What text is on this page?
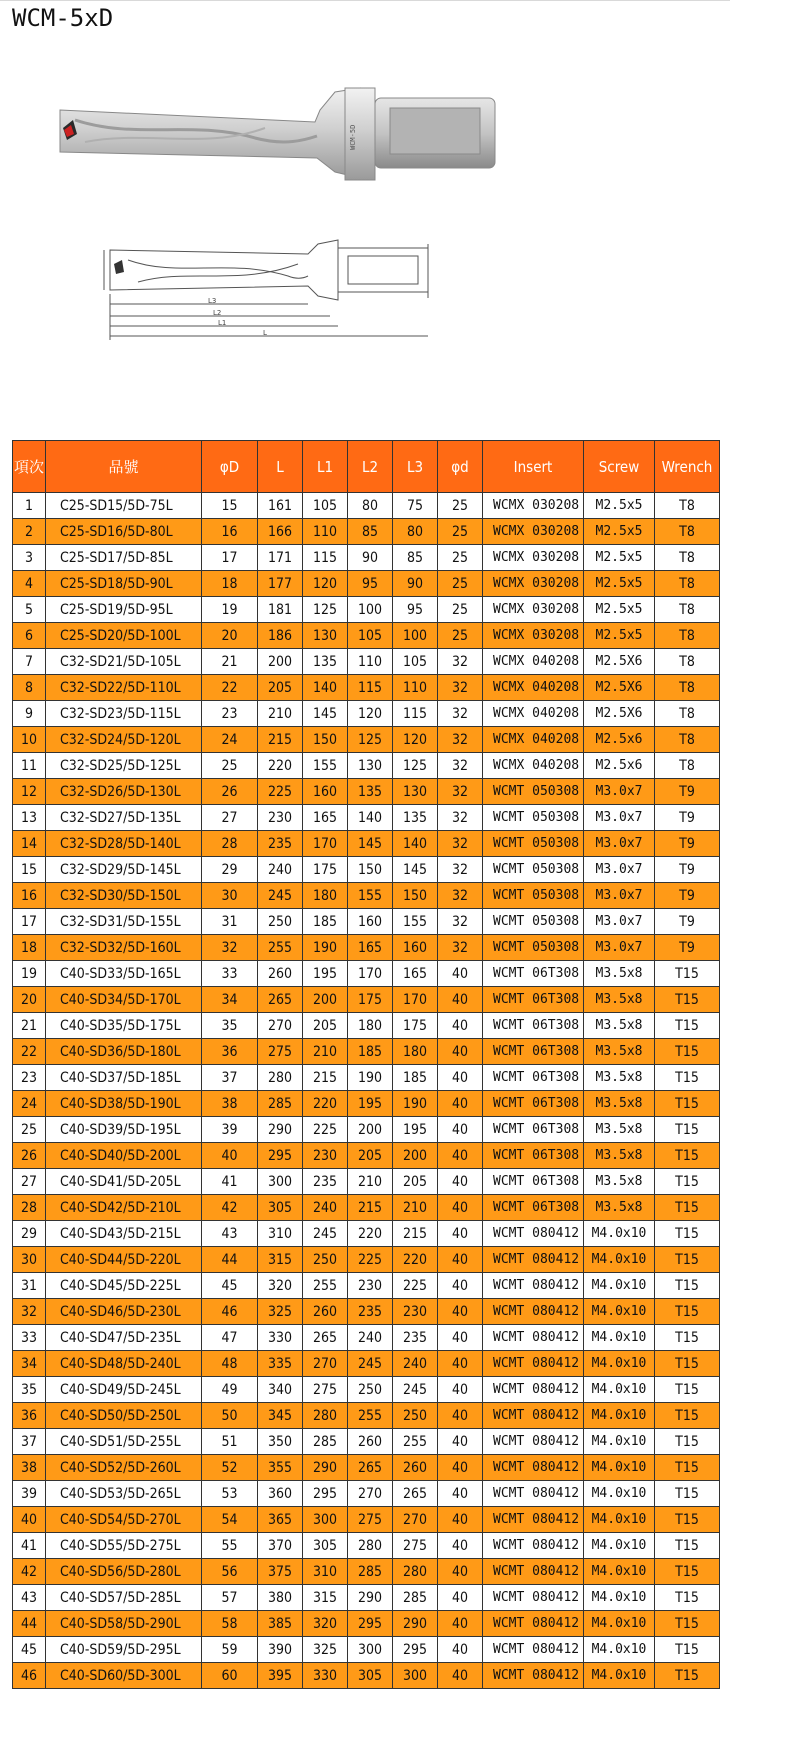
WCM-5xD
WCM-5D
L3
L2
L1
L
項次	品號	φD	L	L1	L2	L3	φd	Insert	Screw	Wrench
1	C25-SD15/5D-75L	15	161	105	80	75	25	WCMX 030208	M2.5x5	T8
2	C25-SD16/5D-80L	16	166	110	85	80	25	WCMX 030208	M2.5x5	T8
3	C25-SD17/5D-85L	17	171	115	90	85	25	WCMX 030208	M2.5x5	T8
4	C25-SD18/5D-90L	18	177	120	95	90	25	WCMX 030208	M2.5x5	T8
5	C25-SD19/5D-95L	19	181	125	100	95	25	WCMX 030208	M2.5x5	T8
6	C25-SD20/5D-100L	20	186	130	105	100	25	WCMX 030208	M2.5x5	T8
7	C32-SD21/5D-105L	21	200	135	110	105	32	WCMX 040208	M2.5X6	T8
8	C32-SD22/5D-110L	22	205	140	115	110	32	WCMX 040208	M2.5X6	T8
9	C32-SD23/5D-115L	23	210	145	120	115	32	WCMX 040208	M2.5X6	T8
10	C32-SD24/5D-120L	24	215	150	125	120	32	WCMX 040208	M2.5x6	T8
11	C32-SD25/5D-125L	25	220	155	130	125	32	WCMX 040208	M2.5x6	T8
12	C32-SD26/5D-130L	26	225	160	135	130	32	WCMT 050308	M3.0x7	T9
13	C32-SD27/5D-135L	27	230	165	140	135	32	WCMT 050308	M3.0x7	T9
14	C32-SD28/5D-140L	28	235	170	145	140	32	WCMT 050308	M3.0x7	T9
15	C32-SD29/5D-145L	29	240	175	150	145	32	WCMT 050308	M3.0x7	T9
16	C32-SD30/5D-150L	30	245	180	155	150	32	WCMT 050308	M3.0x7	T9
17	C32-SD31/5D-155L	31	250	185	160	155	32	WCMT 050308	M3.0x7	T9
18	C32-SD32/5D-160L	32	255	190	165	160	32	WCMT 050308	M3.0x7	T9
19	C40-SD33/5D-165L	33	260	195	170	165	40	WCMT 06T308	M3.5x8	T15
20	C40-SD34/5D-170L	34	265	200	175	170	40	WCMT 06T308	M3.5x8	T15
21	C40-SD35/5D-175L	35	270	205	180	175	40	WCMT 06T308	M3.5x8	T15
22	C40-SD36/5D-180L	36	275	210	185	180	40	WCMT 06T308	M3.5x8	T15
23	C40-SD37/5D-185L	37	280	215	190	185	40	WCMT 06T308	M3.5x8	T15
24	C40-SD38/5D-190L	38	285	220	195	190	40	WCMT 06T308	M3.5x8	T15
25	C40-SD39/5D-195L	39	290	225	200	195	40	WCMT 06T308	M3.5x8	T15
26	C40-SD40/5D-200L	40	295	230	205	200	40	WCMT 06T308	M3.5x8	T15
27	C40-SD41/5D-205L	41	300	235	210	205	40	WCMT 06T308	M3.5x8	T15
28	C40-SD42/5D-210L	42	305	240	215	210	40	WCMT 06T308	M3.5x8	T15
29	C40-SD43/5D-215L	43	310	245	220	215	40	WCMT 080412	M4.0x10	T15
30	C40-SD44/5D-220L	44	315	250	225	220	40	WCMT 080412	M4.0x10	T15
31	C40-SD45/5D-225L	45	320	255	230	225	40	WCMT 080412	M4.0x10	T15
32	C40-SD46/5D-230L	46	325	260	235	230	40	WCMT 080412	M4.0x10	T15
33	C40-SD47/5D-235L	47	330	265	240	235	40	WCMT 080412	M4.0x10	T15
34	C40-SD48/5D-240L	48	335	270	245	240	40	WCMT 080412	M4.0x10	T15
35	C40-SD49/5D-245L	49	340	275	250	245	40	WCMT 080412	M4.0x10	T15
36	C40-SD50/5D-250L	50	345	280	255	250	40	WCMT 080412	M4.0x10	T15
37	C40-SD51/5D-255L	51	350	285	260	255	40	WCMT 080412	M4.0x10	T15
38	C40-SD52/5D-260L	52	355	290	265	260	40	WCMT 080412	M4.0x10	T15
39	C40-SD53/5D-265L	53	360	295	270	265	40	WCMT 080412	M4.0x10	T15
40	C40-SD54/5D-270L	54	365	300	275	270	40	WCMT 080412	M4.0x10	T15
41	C40-SD55/5D-275L	55	370	305	280	275	40	WCMT 080412	M4.0x10	T15
42	C40-SD56/5D-280L	56	375	310	285	280	40	WCMT 080412	M4.0x10	T15
43	C40-SD57/5D-285L	57	380	315	290	285	40	WCMT 080412	M4.0x10	T15
44	C40-SD58/5D-290L	58	385	320	295	290	40	WCMT 080412	M4.0x10	T15
45	C40-SD59/5D-295L	59	390	325	300	295	40	WCMT 080412	M4.0x10	T15
46	C40-SD60/5D-300L	60	395	330	305	300	40	WCMT 080412	M4.0x10	T15
